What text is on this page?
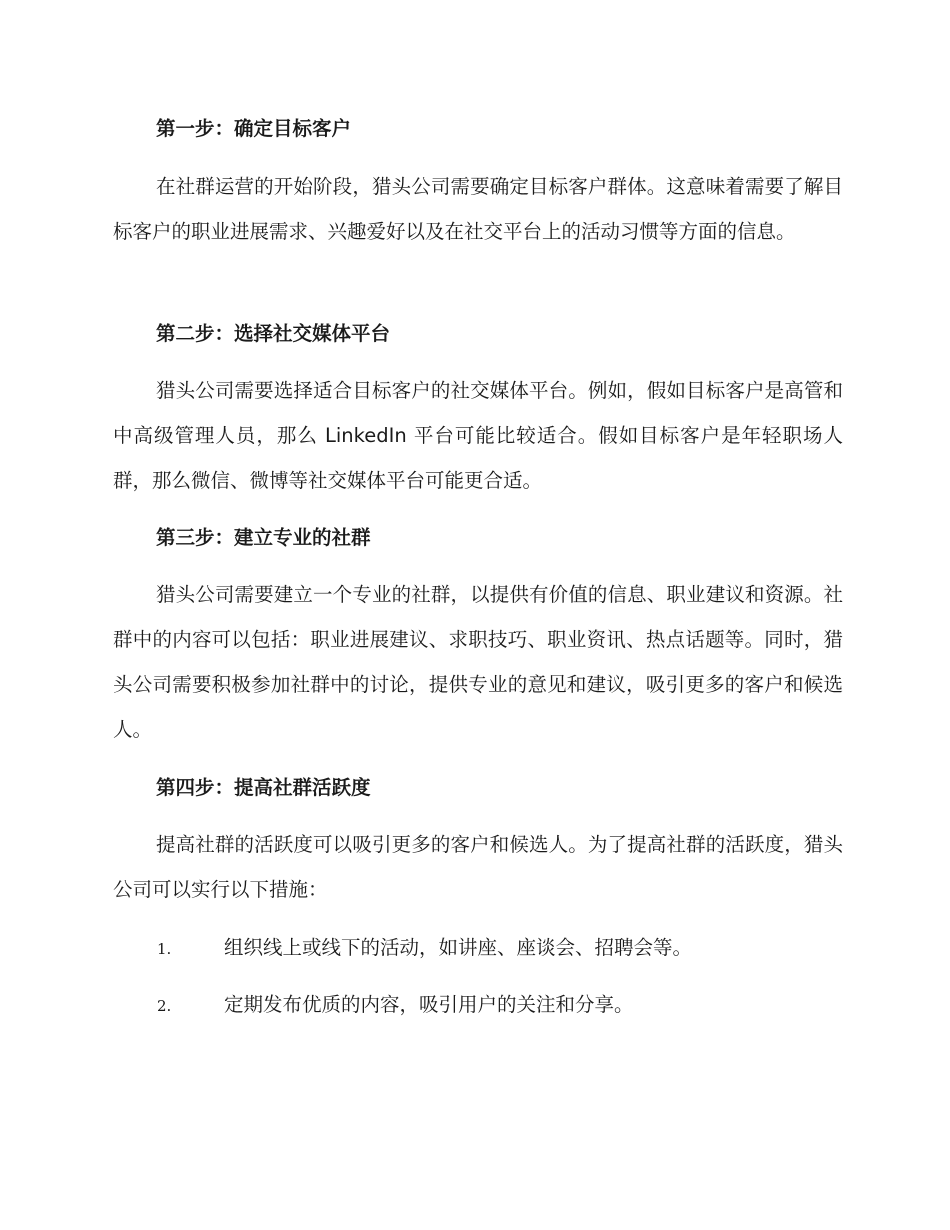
第一步：确定目标客户
在社群运营的开始阶段，猎头公司需要确定目标客户群体。这意味着需要了解目标客户的职业进展需求、兴趣爱好以及在社交平台上的活动习惯等方面的信息。
第二步：选择社交媒体平台
猎头公司需要选择适合目标客户的社交媒体平台。例如，假如目标客户是高管和中高级管理人员，那么 LinkedIn 平台可能比较适合。假如目标客户是年轻职场人群，那么微信、微博等社交媒体平台可能更合适。
第三步：建立专业的社群
猎头公司需要建立一个专业的社群，以提供有价值的信息、职业建议和资源。社群中的内容可以包括：职业进展建议、求职技巧、职业资讯、热点话题等。同时，猎头公司需要积极参加社群中的讨论，提供专业的意见和建议，吸引更多的客户和候选人。
第四步：提高社群活跃度
提高社群的活跃度可以吸引更多的客户和候选人。为了提高社群的活跃度，猎头公司可以实行以下措施：
1.	组织线上或线下的活动，如讲座、座谈会、招聘会等。
2.	定期发布优质的内容，吸引用户的关注和分享。
